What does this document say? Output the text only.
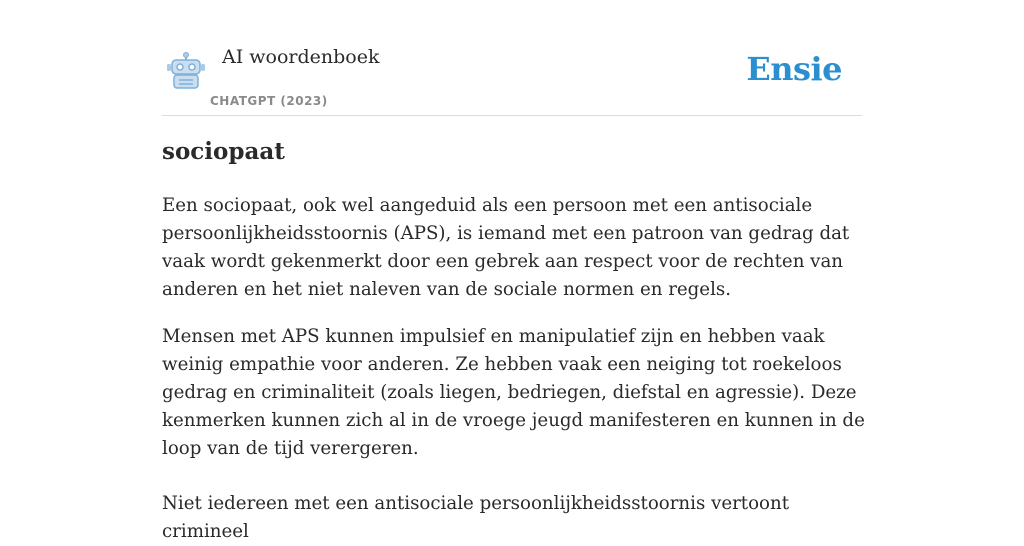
AI woordenboek
CHATGPT (2023)
Ensie
sociopaat

Een sociopaat, ook wel aangeduid als een persoon met een antisociale persoonlijkheidsstoornis (APS), is iemand met een patroon van gedrag dat vaak wordt gekenmerkt door een gebrek aan respect voor de rechten van anderen en het niet naleven van de sociale normen en regels.

Mensen met APS kunnen impulsief en manipulatief zijn en hebben vaak weinig empathie voor anderen. Ze hebben vaak een neiging tot roekeloos gedrag en criminaliteit (zoals liegen, bedriegen, diefstal en agressie). Deze kenmerken kunnen zich al in de vroege jeugd manifesteren en kunnen in de loop van de tijd verergeren.

Niet iedereen met een antisociale persoonlijkheidsstoornis vertoont crimineel
